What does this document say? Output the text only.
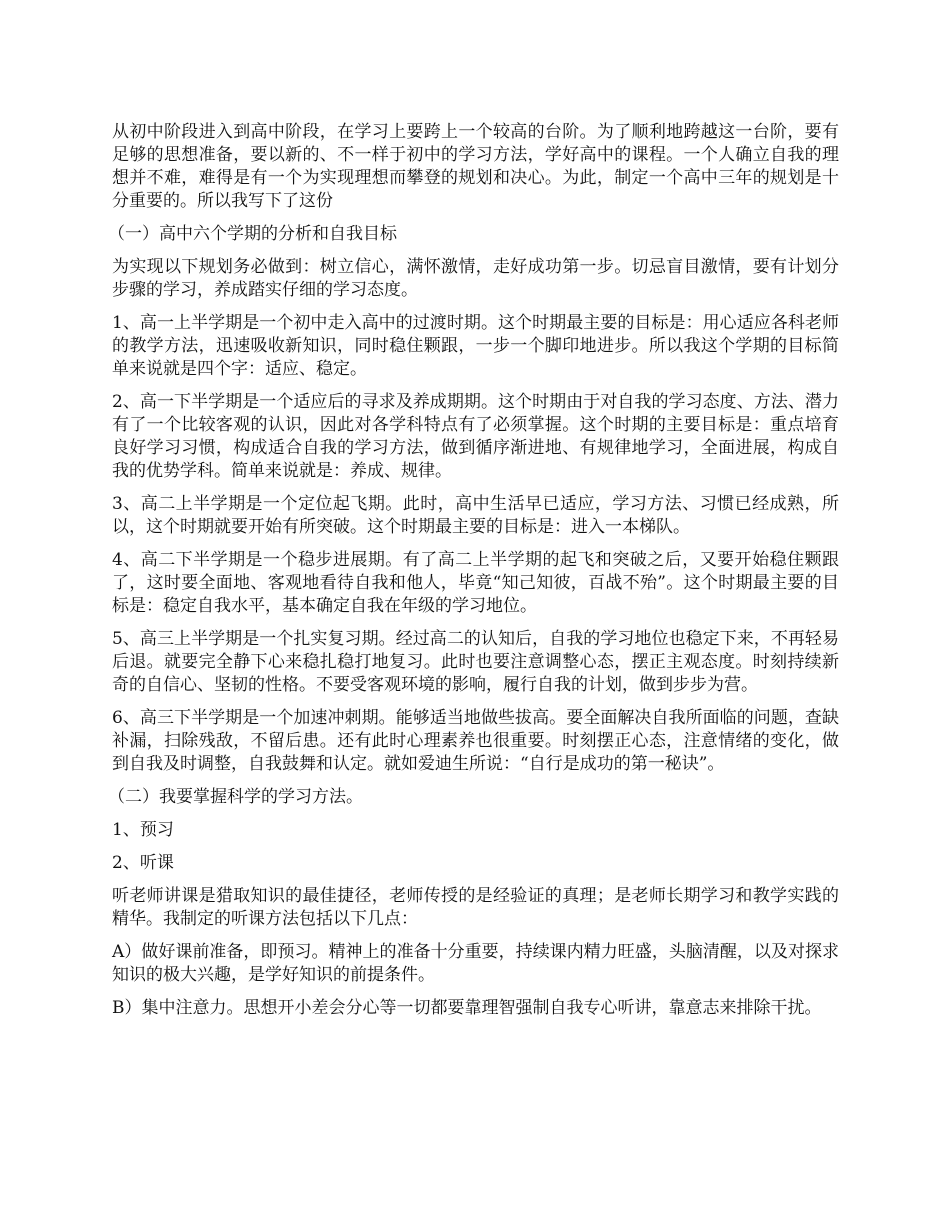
从初中阶段进入到高中阶段，在学习上要跨上一个较高的台阶。为了顺利地跨越这一台阶，要有足够的思想准备，要以新的、不一样于初中的学习方法，学好高中的课程。一个人确立自我的理想并不难，难得是有一个为实现理想而攀登的规划和决心。为此，制定一个高中三年的规划是十分重要的。所以我写下了这份

（一）高中六个学期的分析和自我目标

为实现以下规划务必做到：树立信心，满怀激情，走好成功第一步。切忌盲目激情，要有计划分步骤的学习，养成踏实仔细的学习态度。

1、高一上半学期是一个初中走入高中的过渡时期。这个时期最主要的目标是：用心适应各科老师的教学方法，迅速吸收新知识，同时稳住颗跟，一步一个脚印地进步。所以我这个学期的目标简单来说就是四个字：适应、稳定。

2、高一下半学期是一个适应后的寻求及养成期期。这个时期由于对自我的学习态度、方法、潜力有了一个比较客观的认识，因此对各学科特点有了必须掌握。这个时期的主要目标是：重点培育良好学习习惯，构成适合自我的学习方法，做到循序渐进地、有规律地学习，全面进展，构成自我的优势学科。简单来说就是：养成、规律。

3、高二上半学期是一个定位起飞期。此时，高中生活早已适应，学习方法、习惯已经成熟，所以，这个时期就要开始有所突破。这个时期最主要的目标是：进入一本梯队。

4、高二下半学期是一个稳步进展期。有了高二上半学期的起飞和突破之后，又要开始稳住颗跟了，这时要全面地、客观地看待自我和他人，毕竟“知己知彼，百战不殆”。这个时期最主要的目标是：稳定自我水平，基本确定自我在年级的学习地位。

5、高三上半学期是一个扎实复习期。经过高二的认知后，自我的学习地位也稳定下来，不再轻易后退。就要完全静下心来稳扎稳打地复习。此时也要注意调整心态，摆正主观态度。时刻持续新奇的自信心、坚韧的性格。不要受客观环境的影响，履行自我的计划，做到步步为营。

6、高三下半学期是一个加速冲刺期。能够适当地做些拔高。要全面解决自我所面临的问题，查缺补漏，扫除残敌，不留后患。还有此时心理素养也很重要。时刻摆正心态，注意情绪的变化，做到自我及时调整，自我鼓舞和认定。就如爱迪生所说：“自行是成功的第一秘诀”。

（二）我要掌握科学的学习方法。

1、预习

2、听课

听老师讲课是猎取知识的最佳捷径，老师传授的是经验证的真理；是老师长期学习和教学实践的精华。我制定的听课方法包括以下几点：

A）做好课前准备，即预习。精神上的准备十分重要，持续课内精力旺盛，头脑清醒，以及对探求知识的极大兴趣，是学好知识的前提条件。

B）集中注意力。思想开小差会分心等一切都要靠理智强制自我专心听讲，靠意志来排除干扰。
